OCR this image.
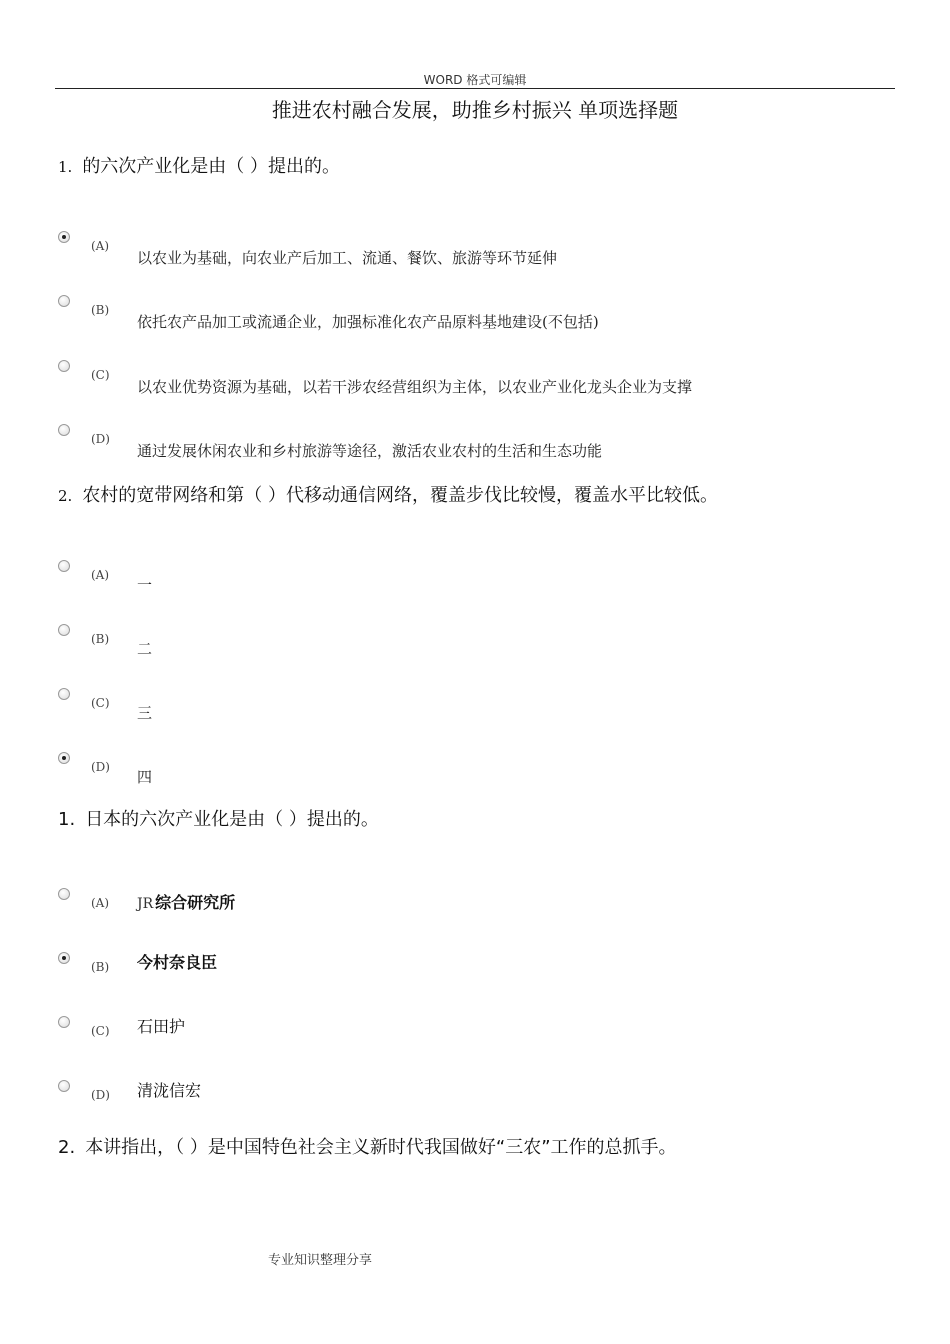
WORD 格式可编辑
推进农村融合发展，助推乡村振兴 单项选择题
1. 的六次产业化是由（ ）提出的。
(A)
以农业为基础，向农业产后加工、流通、餐饮、旅游等环节延伸
(B)
依托农产品加工或流通企业，加强标准化农产品原料基地建设(不包括)
(C)
以农业优势资源为基础，以若干涉农经营组织为主体，以农业产业化龙头企业为支撑
(D)
通过发展休闲农业和乡村旅游等途径，激活农业农村的生活和生态功能
2. 农村的宽带网络和第（ ）代移动通信网络，覆盖步伐比较慢，覆盖水平比较低。
(A)
一
(B)
二
(C)
三
(D)
四
1. 日本的六次产业化是由（ ）提出的。
(A) JR 综合研究所
(B) 今村奈良臣
(C) 石田护
(D) 清泷信宏
2. 本讲指出，（ ）是中国特色社会主义新时代我国做好“三农”工作的总抓手。
专业知识整理分享
